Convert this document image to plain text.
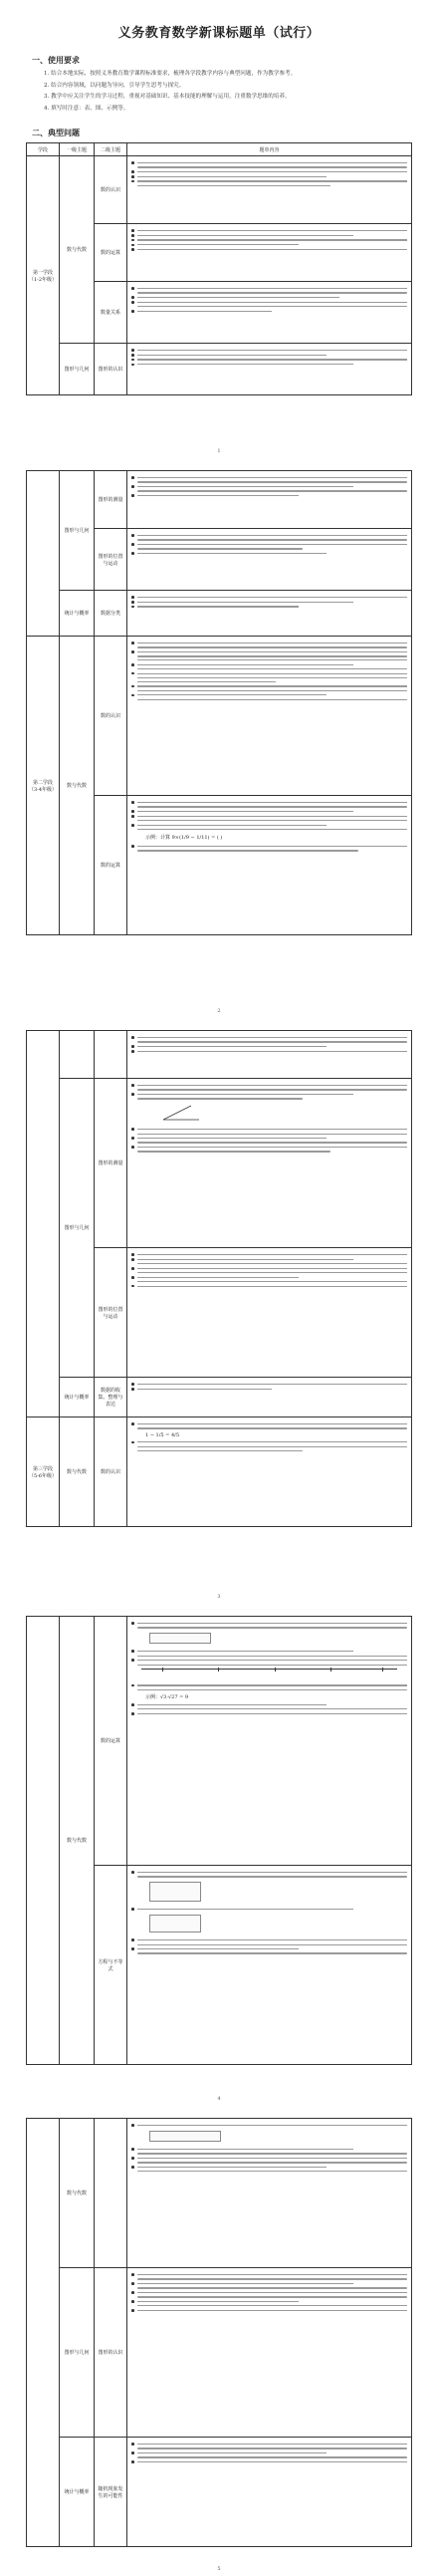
义务教育数学新课标题单（试行）
一、使用要求
1. 结合本地实际，按照义务教育数学课程标准要求，梳理各学段教学内容与典型问题，作为教学参考。
2. 结合内容领域，以问题为导向，引导学生思考与探究。
3. 教学中应关注学生的学习过程，重视对基础知识、基本技能的理解与运用，注重数学思维的培养。
4. 填写时注意：表、图、示例等。
二、典型问题
学段	一级主题	二级主题	题单内容
第一学段（1-2年级）	数与代数	数的认识	

		数的运算	

		数量关系	

	图形与几何	图形的认识	
1
	图形与几何	图形的测量	

		图形的位置与运动	

	统计与概率	数据分类	

第二学段（3-4年级）	数与代数	数的认识	

		数的运算	示例：计算 9×(1/9 − 1/11) = ( )
2

	图形与几何	图形的测量	

		图形的位置与运动	

	统计与概率	数据的收集、整理与表达	

第三学段（5-6年级）	数与代数	数的认识	1 − 1/5 = 4/5
3
	数与代数	数的运算	示例：√3·√27 = 9

		方程与不等式	
4
	数与代数		

	图形与几何	图形的认识	

	统计与概率	随机现象发生的可能性	
5
